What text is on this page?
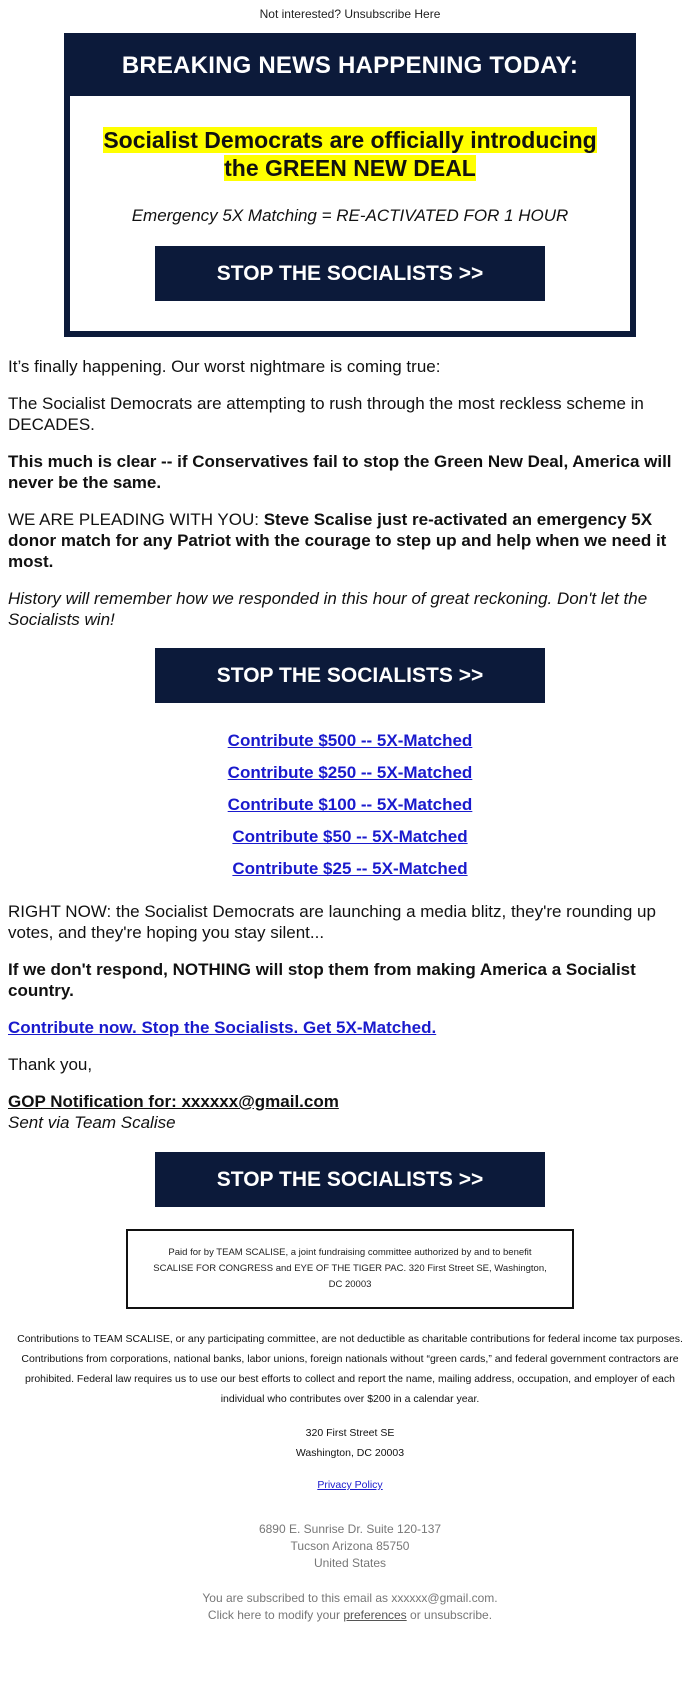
Not interested? Unsubscribe Here
BREAKING NEWS HAPPENING TODAY:
Socialist Democrats are officially introducing
the GREEN NEW DEAL
Emergency 5X Matching = RE-ACTIVATED FOR 1 HOUR
STOP THE SOCIALISTS >>

It’s finally happening. Our worst nightmare is coming true:

The Socialist Democrats are attempting to rush through the most reckless scheme in DECADES.

This much is clear -- if Conservatives fail to stop the Green New Deal, America will never be the same.

WE ARE PLEADING WITH YOU: Steve Scalise just re-activated an emergency 5X donor match for any Patriot with the courage to step up and help when we need it most.

History will remember how we responded in this hour of great reckoning. Don't let the Socialists win!

STOP THE SOCIALISTS >>
Contribute $500 -- 5X-Matched
Contribute $250 -- 5X-Matched
Contribute $100 -- 5X-Matched
Contribute $50 -- 5X-Matched
Contribute $25 -- 5X-Matched

RIGHT NOW: the Socialist Democrats are launching a media blitz, they're rounding up votes, and they're hoping you stay silent...

If we don't respond, NOTHING will stop them from making America a Socialist country.

Contribute now. Stop the Socialists. Get 5X-Matched.

Thank you,

GOP Notification for: xxxxxx@gmail.com

Sent via Team Scalise

STOP THE SOCIALISTS >>
Paid for by TEAM SCALISE, a joint fundraising committee authorized by and to benefit SCALISE FOR CONGRESS and EYE OF THE TIGER PAC. 320 First Street SE, Washington, DC 20003
Contributions to TEAM SCALISE, or any participating committee, are not deductible as charitable contributions for federal income tax purposes. Contributions from corporations, national banks, labor unions, foreign nationals without “green cards,” and federal government contractors are prohibited. Federal law requires us to use our best efforts to collect and report the name, mailing address, occupation, and employer of each individual who contributes over $200 in a calendar year.
320 First Street SE
Washington, DC 20003
Privacy Policy
6890 E. Sunrise Dr. Suite 120-137
Tucson Arizona 85750
United States
You are subscribed to this email as xxxxxx@gmail.com.
Click here to modify your preferences or unsubscribe.
